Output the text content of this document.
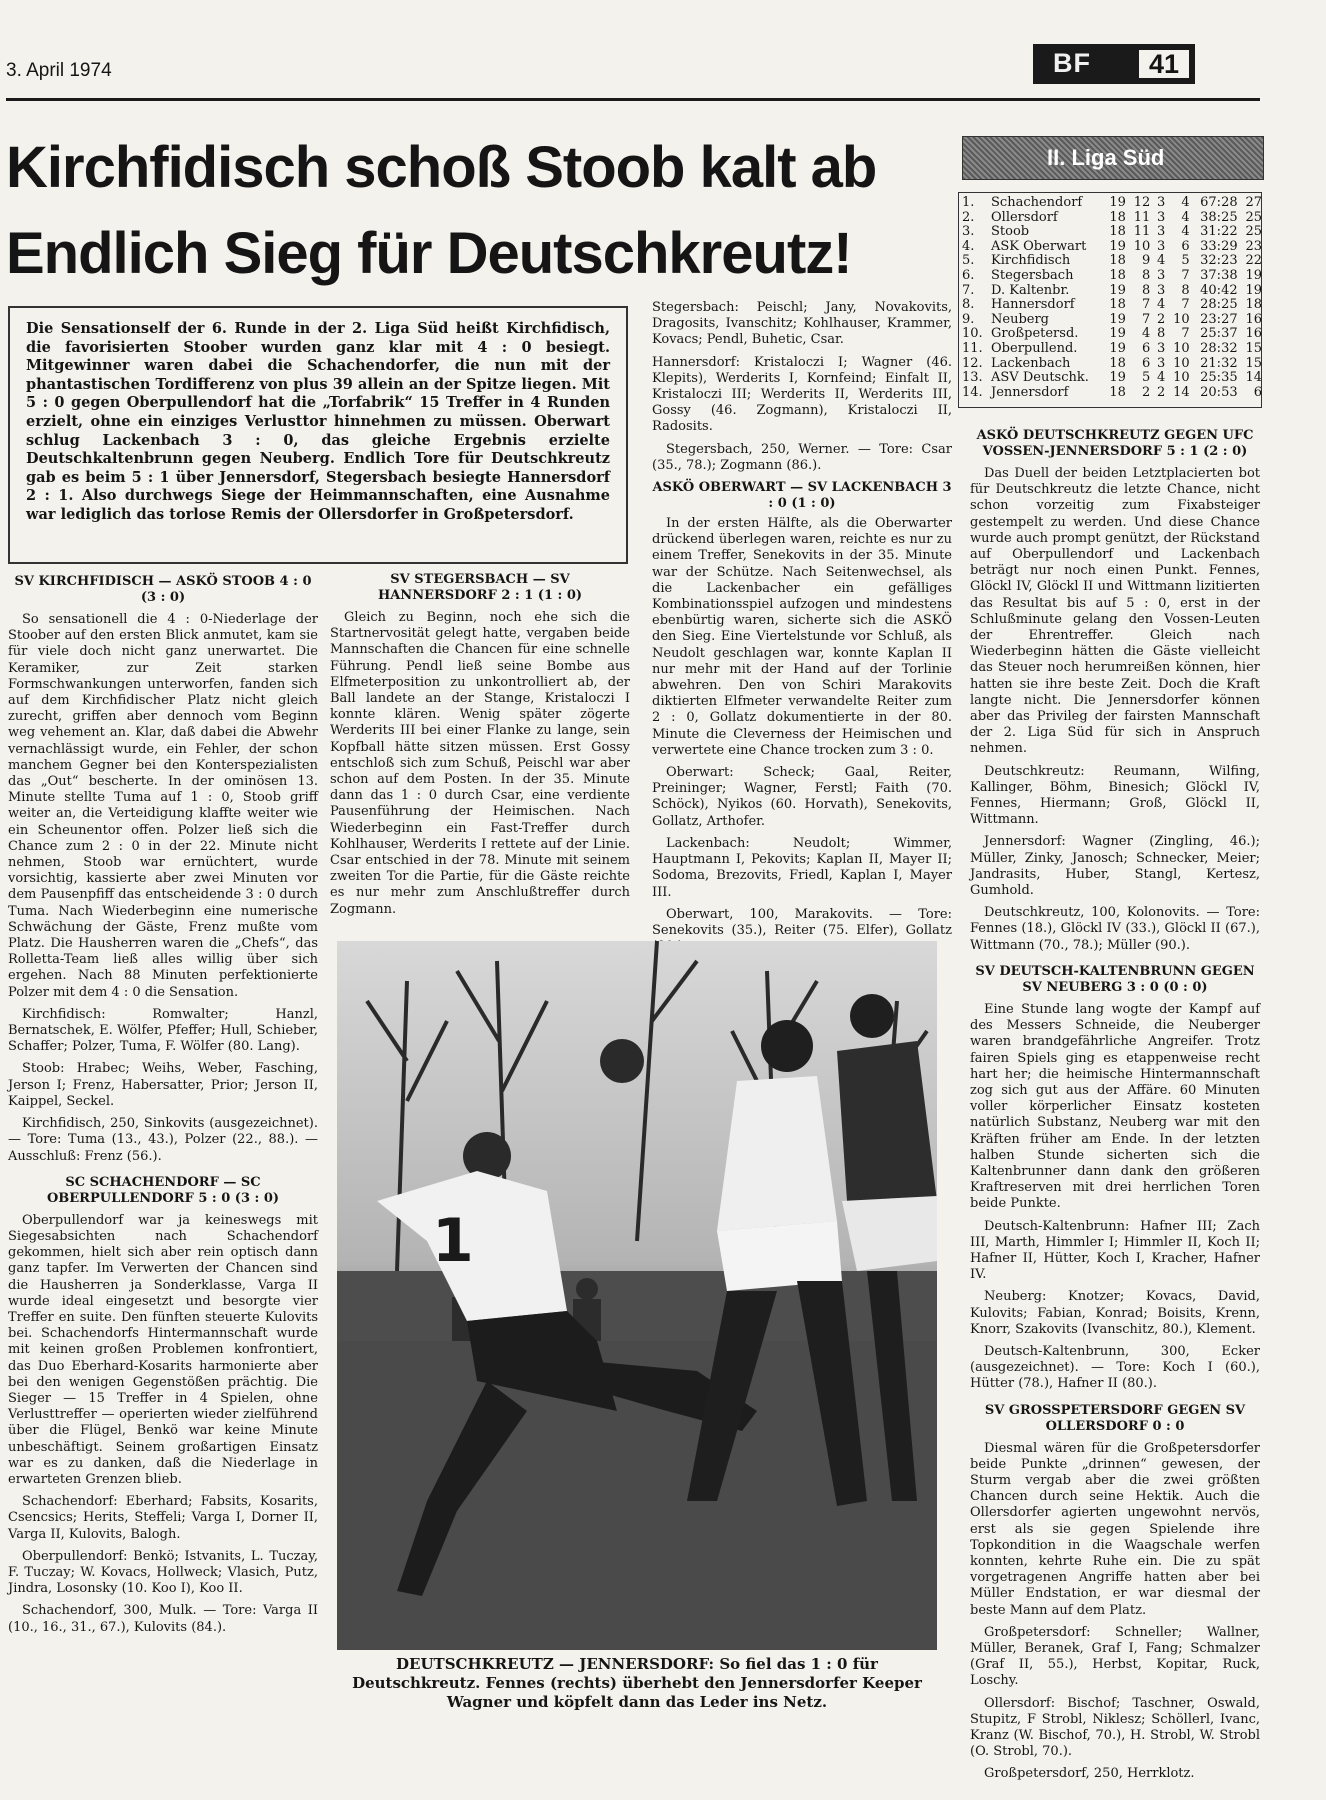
3. April 1974	BF	41
Kirchfidisch schoß Stoob kalt ab
Endlich Sieg für Deutschkreutz!
II. Liga Süd
1.	Schachendorf	19	12	3	4	67:28	27
2.	Ollersdorf	18	11	3	4	38:25	25
3.	Stoob	18	11	3	4	31:22	25
4.	ASK Oberwart	19	10	3	6	33:29	23
5.	Kirchfidisch	18	9	4	5	32:23	22
6.	Stegersbach	18	8	3	7	37:38	19
7.	D. Kaltenbr.	19	8	3	8	40:42	19
8.	Hannersdorf	18	7	4	7	28:25	18
9.	Neuberg	19	7	2	10	23:27	16
10.	Großpetersd.	19	4	8	7	25:37	16
11.	Oberpullend.	19	6	3	10	28:32	15
12.	Lackenbach	18	6	3	10	21:32	15
13.	ASV Deutschk.	19	5	4	10	25:35	14
14.	Jennersdorf	18	2	2	14	20:53	6
Die Sensationself der 6. Runde in der 2. Liga Süd heißt Kirchfidisch, die favorisierten Stoober wurden ganz klar mit 4 : 0 besiegt. Mitgewinner waren dabei die Schachendorfer, die nun mit der phantastischen Tordifferenz von plus 39 allein an der Spitze liegen. Mit 5 : 0 gegen Oberpullendorf hat die „Torfabrik“ 15 Treffer in 4 Runden erzielt, ohne ein einziges Verlusttor hinnehmen zu müssen. Oberwart schlug Lackenbach 3 : 0, das gleiche Ergebnis erzielte Deutschkaltenbrunn gegen Neuberg. Endlich Tore für Deutschkreutz gab es beim 5 : 1 über Jennersdorf, Stegersbach besiegte Hannersdorf 2 : 1. Also durchwegs Siege der Heimmannschaften, eine Ausnahme war lediglich das torlose Remis der Ollersdorfer in Großpetersdorf.
SV KIRCHFIDISCH — ASKÖ STOOB 4 : 0 (3 : 0)

So sensationell die 4 : 0-Niederlage der Stoober auf den ersten Blick anmutet, kam sie für viele doch nicht ganz unerwartet. Die Keramiker, zur Zeit starken Formschwankungen unterworfen, fanden sich auf dem Kirchfidischer Platz nicht gleich zurecht, griffen aber dennoch vom Beginn weg vehement an. Klar, daß dabei die Abwehr vernachlässigt wurde, ein Fehler, der schon manchem Gegner bei den Konterspezialisten das „Out“ bescherte. In der ominösen 13. Minute stellte Tuma auf 1 : 0, Stoob griff weiter an, die Verteidigung klaffte weiter wie ein Scheunentor offen. Polzer ließ sich die Chance zum 2 : 0 in der 22. Minute nicht nehmen, Stoob war ernüchtert, wurde vorsichtig, kassierte aber zwei Minuten vor dem Pausenpfiff das entscheidende 3 : 0 durch Tuma. Nach Wiederbeginn eine numerische Schwächung der Gäste, Frenz mußte vom Platz. Die Hausherren waren die „Chefs“, das Rolletta-Team ließ alles willig über sich ergehen. Nach 88 Minuten perfektionierte Polzer mit dem 4 : 0 die Sensation.

Kirchfidisch: Romwalter; Hanzl, Bernatschek, E. Wölfer, Pfeffer; Hull, Schieber, Schaffer; Polzer, Tuma, F. Wölfer (80. Lang).

Stoob: Hrabec; Weihs, Weber, Fasching, Jerson I; Frenz, Habersatter, Prior; Jerson II, Kaippel, Seckel.

Kirchfidisch, 250, Sinkovits (ausgezeichnet). — Tore: Tuma (13., 43.), Polzer (22., 88.). — Ausschluß: Frenz (56.).

SC SCHACHENDORF — SC OBERPULLENDORF 5 : 0 (3 : 0)

Oberpullendorf war ja keineswegs mit Siegesabsichten nach Schachendorf gekommen, hielt sich aber rein optisch dann ganz tapfer. Im Verwerten der Chancen sind die Hausherren ja Sonderklasse, Varga II wurde ideal eingesetzt und besorgte vier Treffer en suite. Den fünften steuerte Kulovits bei. Schachendorfs Hintermannschaft wurde mit keinen großen Problemen konfrontiert, das Duo Eberhard-Kosarits harmonierte aber bei den wenigen Gegenstößen prächtig. Die Sieger — 15 Treffer in 4 Spielen, ohne Verlusttreffer — operierten wieder zielführend über die Flügel, Benkö war keine Minute unbeschäftigt. Seinem großartigen Einsatz war es zu danken, daß die Niederlage in erwarteten Grenzen blieb.

Schachendorf: Eberhard; Fabsits, Kosarits, Csencsics; Herits, Steffeli; Varga I, Dorner II, Varga II, Kulovits, Balogh.

Oberpullendorf: Benkö; Istvanits, L. Tuczay, F. Tuczay; W. Kovacs, Hollweck; Vlasich, Putz, Jindra, Losonsky (10. Koo I), Koo II.

Schachendorf, 300, Mulk. — Tore: Varga II (10., 16., 31., 67.), Kulovits (84.).

SV STEGERSBACH — SV HANNERSDORF 2 : 1 (1 : 0)

Gleich zu Beginn, noch ehe sich die Startnervosität gelegt hatte, vergaben beide Mannschaften die Chancen für eine schnelle Führung. Pendl ließ seine Bombe aus Elfmeterposition zu unkontrolliert ab, der Ball landete an der Stange, Kristaloczi I konnte klären. Wenig später zögerte Werderits III bei einer Flanke zu lange, sein Kopfball hätte sitzen müssen. Erst Gossy entschloß sich zum Schuß, Peischl war aber schon auf dem Posten. In der 35. Minute dann das 1 : 0 durch Csar, eine verdiente Pausenführung der Heimischen. Nach Wiederbeginn ein Fast-Treffer durch Kohlhauser, Werderits I rettete auf der Linie. Csar entschied in der 78. Minute mit seinem zweiten Tor die Partie, für die Gäste reichte es nur mehr zum Anschlußtreffer durch Zogmann.

Stegersbach: Peischl; Jany, Novakovits, Dragosits, Ivanschitz; Kohlhauser, Krammer, Kovacs; Pendl, Buhetic, Csar.

Hannersdorf: Kristaloczi I; Wagner (46. Klepits), Werderits I, Kornfeind; Einfalt II, Kristaloczi III; Werderits II, Werderits III, Gossy (46. Zogmann), Kristaloczi II, Radosits.

Stegersbach, 250, Werner. — Tore: Csar (35., 78.); Zogmann (86.).

ASKÖ OBERWART — SV LACKENBACH 3 : 0 (1 : 0)

In der ersten Hälfte, als die Oberwarter drückend überlegen waren, reichte es nur zu einem Treffer, Senekovits in der 35. Minute war der Schütze. Nach Seitenwechsel, als die Lackenbacher ein gefälliges Kombinationsspiel aufzogen und mindestens ebenbürtig waren, sicherte sich die ASKÖ den Sieg. Eine Viertelstunde vor Schluß, als Neudolt geschlagen war, konnte Kaplan II nur mehr mit der Hand auf der Torlinie abwehren. Den von Schiri Marakovits diktierten Elfmeter verwandelte Reiter zum 2 : 0, Gollatz dokumentierte in der 80. Minute die Cleverness der Heimischen und verwertete eine Chance trocken zum 3 : 0.

Oberwart: Scheck; Gaal, Reiter, Preininger; Wagner, Ferstl; Faith (70. Schöck), Nyikos (60. Horvath), Senekovits, Gollatz, Arthofer.

Lackenbach: Neudolt; Wimmer, Hauptmann I, Pekovits; Kaplan II, Mayer II; Sodoma, Brezovits, Friedl, Kaplan I, Mayer III.

Oberwart, 100, Marakovits. — Tore: Senekovits (35.), Reiter (75. Elfer), Gollatz

ASKÖ DEUTSCHKREUTZ GEGEN UFC VOSSEN-JENNERSDORF 5 : 1 (2 : 0)

Das Duell der beiden Letztplacierten bot für Deutschkreutz die letzte Chance, nicht schon vorzeitig zum Fixabsteiger gestempelt zu werden. Und diese Chance wurde auch prompt genützt, der Rückstand auf Oberpullendorf und Lackenbach beträgt nur noch einen Punkt. Fennes, Glöckl IV, Glöckl II und Wittmann lizitierten das Resultat bis auf 5 : 0, erst in der Schlußminute gelang den Vossen-Leuten der Ehrentreffer. Gleich nach Wiederbeginn hätten die Gäste vielleicht das Steuer noch herumreißen können, hier hatten sie ihre beste Zeit. Doch die Kraft langte nicht. Die Jennersdorfer können aber das Privileg der fairsten Mannschaft der 2. Liga Süd für sich in Anspruch nehmen.

Deutschkreutz: Reumann, Wilfing, Kallinger, Böhm, Binesich; Glöckl IV, Fennes, Hiermann; Groß, Glöckl II, Wittmann.

Jennersdorf: Wagner (Zingling, 46.); Müller, Zinky, Janosch; Schnecker, Meier; Jandrasits, Huber, Stangl, Kertesz, Gumhold.

Deutschkreutz, 100, Kolonovits. — Tore: Fennes (18.), Glöckl IV (33.), Glöckl II (67.), Wittmann (70., 78.); Müller (90.).

SV DEUTSCH-KALTENBRUNN GEGEN SV NEUBERG 3 : 0 (0 : 0)

Eine Stunde lang wogte der Kampf auf des Messers Schneide, die Neuberger waren brandgefährliche Angreifer. Trotz fairen Spiels ging es etappenweise recht hart her; die heimische Hintermannschaft zog sich gut aus der Affäre. 60 Minuten voller körperlicher Einsatz kosteten natürlich Substanz, Neuberg war mit den Kräften früher am Ende. In der letzten halben Stunde sicherten sich die Kaltenbrunner dann dank den größeren Kraftreserven mit drei herrlichen Toren beide Punkte.

Deutsch-Kaltenbrunn: Hafner III; Zach III, Marth, Himmler I; Himmler II, Koch II; Hafner II, Hütter, Koch I, Kracher, Hafner IV.

Neuberg: Knotzer; Kovacs, David, Kulovits; Fabian, Konrad; Boisits, Krenn, Knorr, Szakovits (Ivanschitz, 80.), Klement.

Deutsch-Kaltenbrunn, 300, Ecker (ausgezeichnet). — Tore: Koch I (60.), Hütter (78.), Hafner II (80.).

SV GROSSPETERSDORF GEGEN SV OLLERSDORF 0 : 0

Diesmal wären für die Großpetersdorfer beide Punkte „drinnen“ gewesen, der Sturm vergab aber die zwei größten Chancen durch seine Hektik. Auch die Ollersdorfer agierten ungewohnt nervös, erst als sie gegen Spielende ihre Topkondition in die Waagschale werfen konnten, kehrte Ruhe ein. Die zu spät vorgetragenen Angriffe hatten aber bei Müller Endstation, er war diesmal der beste Mann auf dem Platz.

Großpetersdorf: Schneller; Wallner, Müller, Beranek, Graf I, Fang; Schmalzer (Graf II, 55.), Herbst, Kopitar, Ruck, Loschy.

Ollersdorf: Bischof; Taschner, Oswald, Stupitz, F Strobl, Niklesz; Schöllerl, Ivanc, Kranz (W. Bischof, 70.), H. Strobl, W. Strobl (O. Strobl, 70.).

Großpetersdorf, 250, Herrklotz.

1
DEUTSCHKREUTZ — JENNERSDORF: So fiel das 1 : 0 für Deutschkreutz. Fennes (rechts) überhebt den Jennersdorfer Keeper Wagner und köpfelt dann das Leder ins Netz.
